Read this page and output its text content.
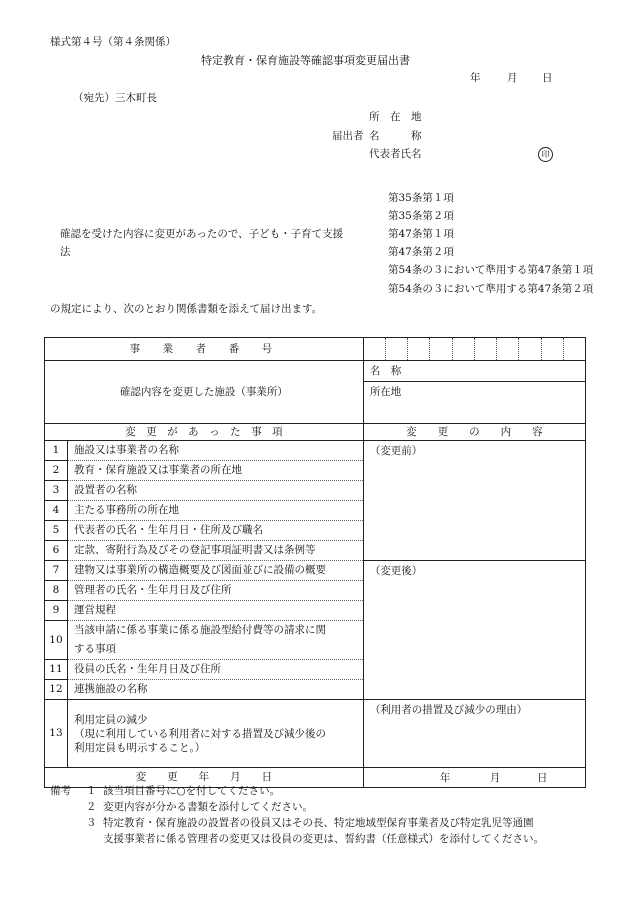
様式第４号（第４条関係）
特定教育・保育施設等確認事項変更届出書
年	月 日
（宛先）三木町長
所　在　地
届出者 名　　　称
代表者氏名	印
第35条第１項
第35条第２項
確認を受けた内容に変更があったので、子ども・子育て支援	第47条第１項
法	第47条第２項
第54条の３において準用する第47条第１項
第54条の３において準用する第47条第２項
の規定により、次のとおり関係書類を添えて届け出ます。
事　業　者　番　号		

確認内容を変更した施設（事業所）		名　称
		所在地
変　更　が　あ　っ　た　事　項		変　　更　　の　　内　　容
1	施設又は事業者の名称	（変更前）
2	教育・保育施設又は事業者の所在地	
3	設置者の名称	
4	主たる事務所の所在地	
5	代表者の氏名・生年月日・住所及び職名	
6	定款、寄附行為及びその登記事項証明書又は条例等	
7	建物又は事業所の構造概要及び図面並びに設備の概要	（変更後）
8	管理者の氏名・生年月日及び住所	
9	運営規程	
10	当該申請に係る事業に係る施設型給付費等の請求に関
する事項	

11	役員の氏名・生年月日及び住所	
12	連携施設の名称	
13	利用定員の減少
（現に利用している利用者に対する措置及び減少後の
利用定員も明示すること。）	（利用者の措置及び減少の理由）
変　　更　　年　　月　　日		年 月 日
備考 １ 該当項目番号に○を付してください。
２ 変更内容が分かる書類を添付してください。
３ 特定教育・保育施設の設置者の役員又はその長、特定地域型保育事業者及び特定乳児等通園
支援事業者に係る管理者の変更又は役員の変更は、誓約書（任意様式）を添付してください。
